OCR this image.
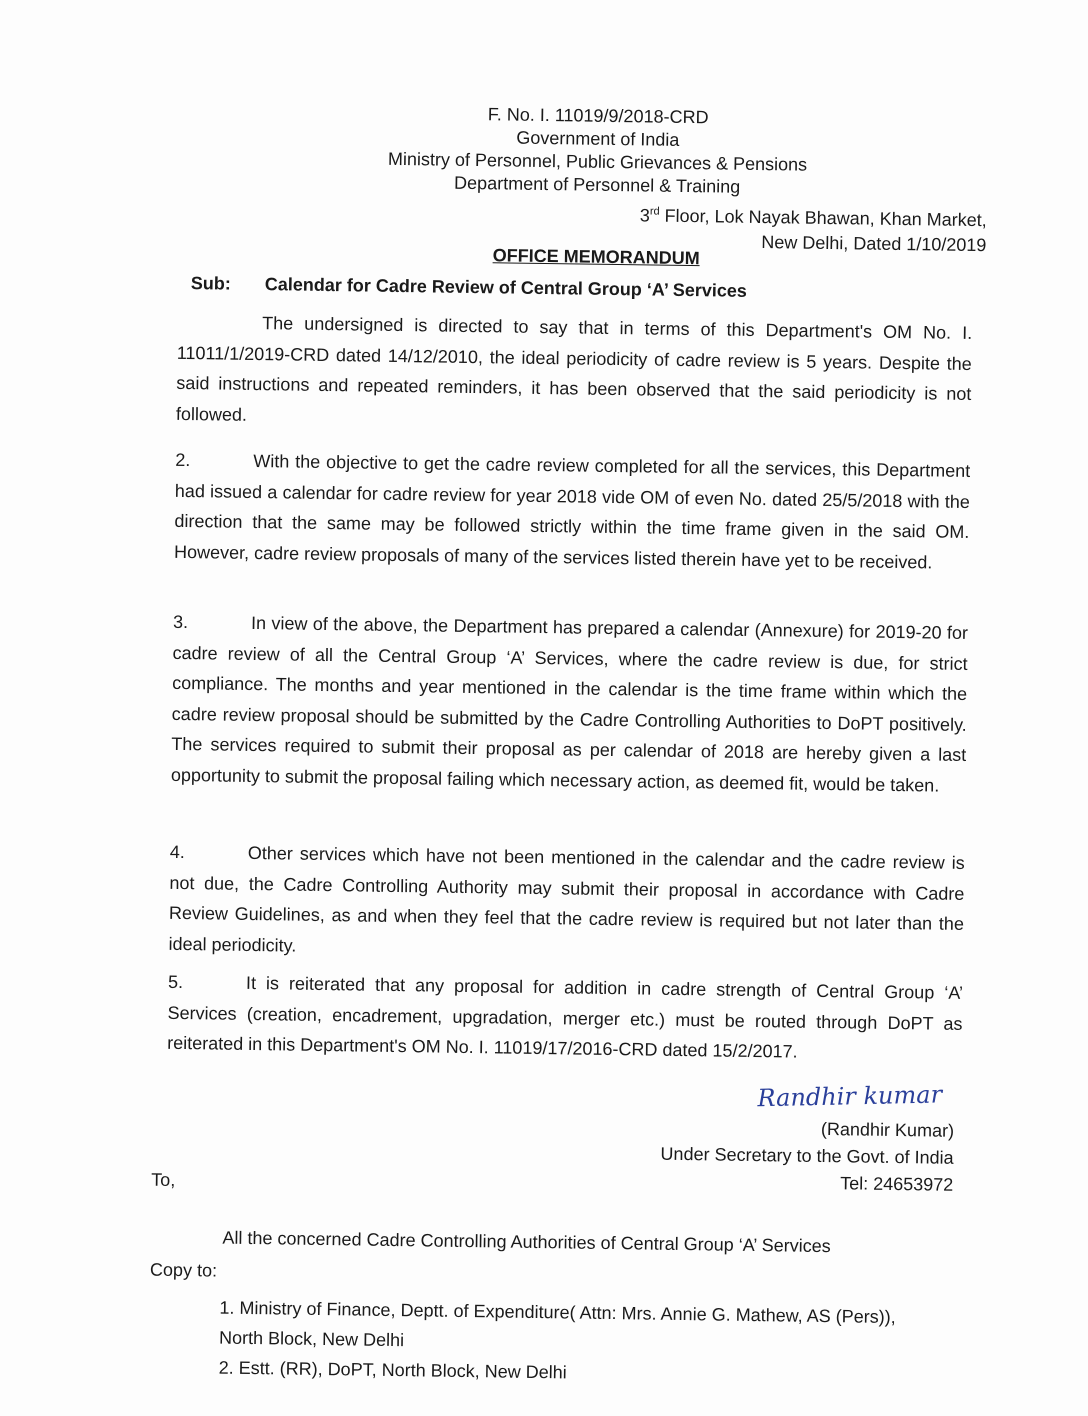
F. No. I. 11019/9/2018-CRD
Government of India
Ministry of Personnel, Public Grievances & Pensions
Department of Personnel & Training
3rd Floor, Lok Nayak Bhawan, Khan Market,
New Delhi, Dated 1/10/2019
OFFICE MEMORANDUM
Sub: Calendar for Cadre Review of Central Group ‘A’ Services
The undersigned is directed to say that in terms of this Department's OM No. I. 11011/1/2019-CRD dated 14/12/2010, the ideal periodicity of cadre review is 5 years. Despite the said instructions and repeated reminders, it has been observed that the said periodicity is not followed.
2.	With the objective to get the cadre review completed for all the services, this Department had issued a calendar for cadre review for year 2018 vide OM of even No. dated 25/5/2018 with the direction that the same may be followed strictly within the time frame given in the said OM. However, cadre review proposals of many of the services listed therein have yet to be received.
3.	In view of the above, the Department has prepared a calendar (Annexure) for 2019-20 for cadre review of all the Central Group ‘A’ Services, where the cadre review is due, for strict compliance. The months and year mentioned in the calendar is the time frame within which the cadre review proposal should be submitted by the Cadre Controlling Authorities to DoPT positively. The services required to submit their proposal as per calendar of 2018 are hereby given a last opportunity to submit the proposal failing which necessary action, as deemed fit, would be taken.
4.	Other services which have not been mentioned in the calendar and the cadre review is not due, the Cadre Controlling Authority may submit their proposal in accordance with Cadre Review Guidelines, as and when they feel that the cadre review is required but not later than the ideal periodicity.
5.	It is reiterated that any proposal for addition in cadre strength of Central Group ‘A’ Services (creation, encadrement, upgradation, merger etc.) must be routed through DoPT as reiterated in this Department's OM No. I. 11019/17/2016-CRD dated 15/2/2017.
Randhir kumar
(Randhir Kumar)
Under Secretary to the Govt. of India
Tel: 24653972
To,
All the concerned Cadre Controlling Authorities of Central Group ‘A’ Services
Copy to:
1. Ministry of Finance, Deptt. of Expenditure( Attn: Mrs. Annie G. Mathew, AS (Pers)),
North Block, New Delhi
2. Estt. (RR), DoPT, North Block, New Delhi
